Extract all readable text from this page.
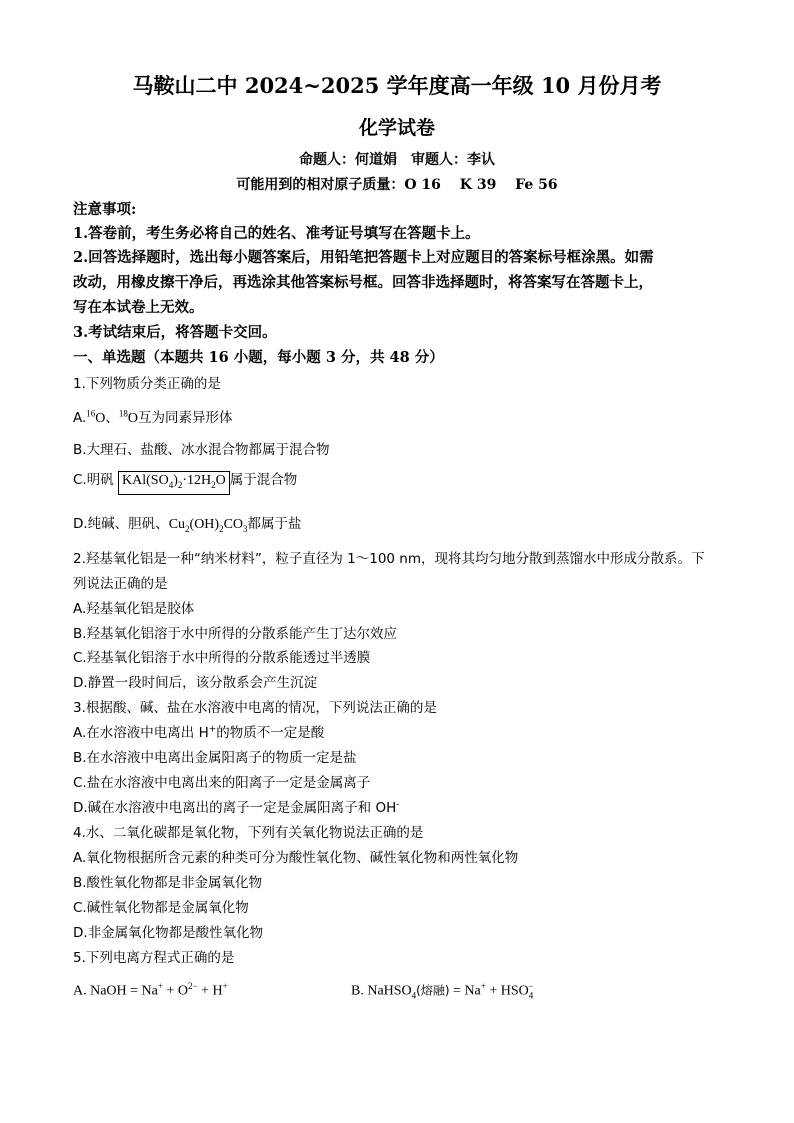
马鞍山二中 2024~2025 学年度高一年级 10 月份月考
化学试卷
命题人：何道娟　审题人：李认
可能用到的相对原子质量：O 16　 K 39　 Fe 56
注意事项:
1.答卷前，考生务必将自己的姓名、准考证号填写在答题卡上。
2.回答选择题时，选出每小题答案后，用铅笔把答题卡上对应题目的答案标号框涂黑。如需
改动，用橡皮擦干净后，再选涂其他答案标号框。回答非选择题时，将答案写在答题卡上，
写在本试卷上无效。
3.考试结束后，将答题卡交回。
一、单选题（本题共 16 小题，每小题 3 分，共 48 分）
1.下列物质分类正确的是
A.$^{16}$O、$^{18}$O互为同素异形体
B.大理石、盐酸、冰水混合物都属于混合物
C.明矾 $KAl(SO_4)_2\cdot 12H_2O$ 属于混合物
D.纯碱、胆矾、$Cu_2(OH)_2CO_3$都属于盐
2.羟基氧化铝是一种“纳米材料”，粒子直径为 1～100 nm，现将其均匀地分散到蒸馏水中形成分散系。下
列说法正确的是
A.羟基氧化铝是胶体
B.羟基氧化铝溶于水中所得的分散系能产生丁达尔效应
C.羟基氧化铝溶于水中所得的分散系能透过半透膜
D.静置一段时间后，该分散系会产生沉淀
3.根据酸、碱、盐在水溶液中电离的情况，下列说法正确的是
A.在水溶液中电离出 H+的物质不一定是酸
B.在水溶液中电离出金属阳离子的物质一定是盐
C.盐在水溶液中电离出来的阳离子一定是金属离子
D.碱在水溶液中电离出的离子一定是金属阳离子和 OH-
4.水、二氧化碳都是氧化物，下列有关氧化物说法正确的是
A.氧化物根据所含元素的种类可分为酸性氧化物、碱性氧化物和两性氧化物
B.酸性氧化物都是非金属氧化物
C.碱性氧化物都是金属氧化物
D.非金属氧化物都是酸性氧化物
5.下列电离方程式正确的是
A. NaOH = $Na^+ + O^{2-} + H^+$	B. NaHSO$_4$(熔融) = $Na^+ + HSO_4^-$
